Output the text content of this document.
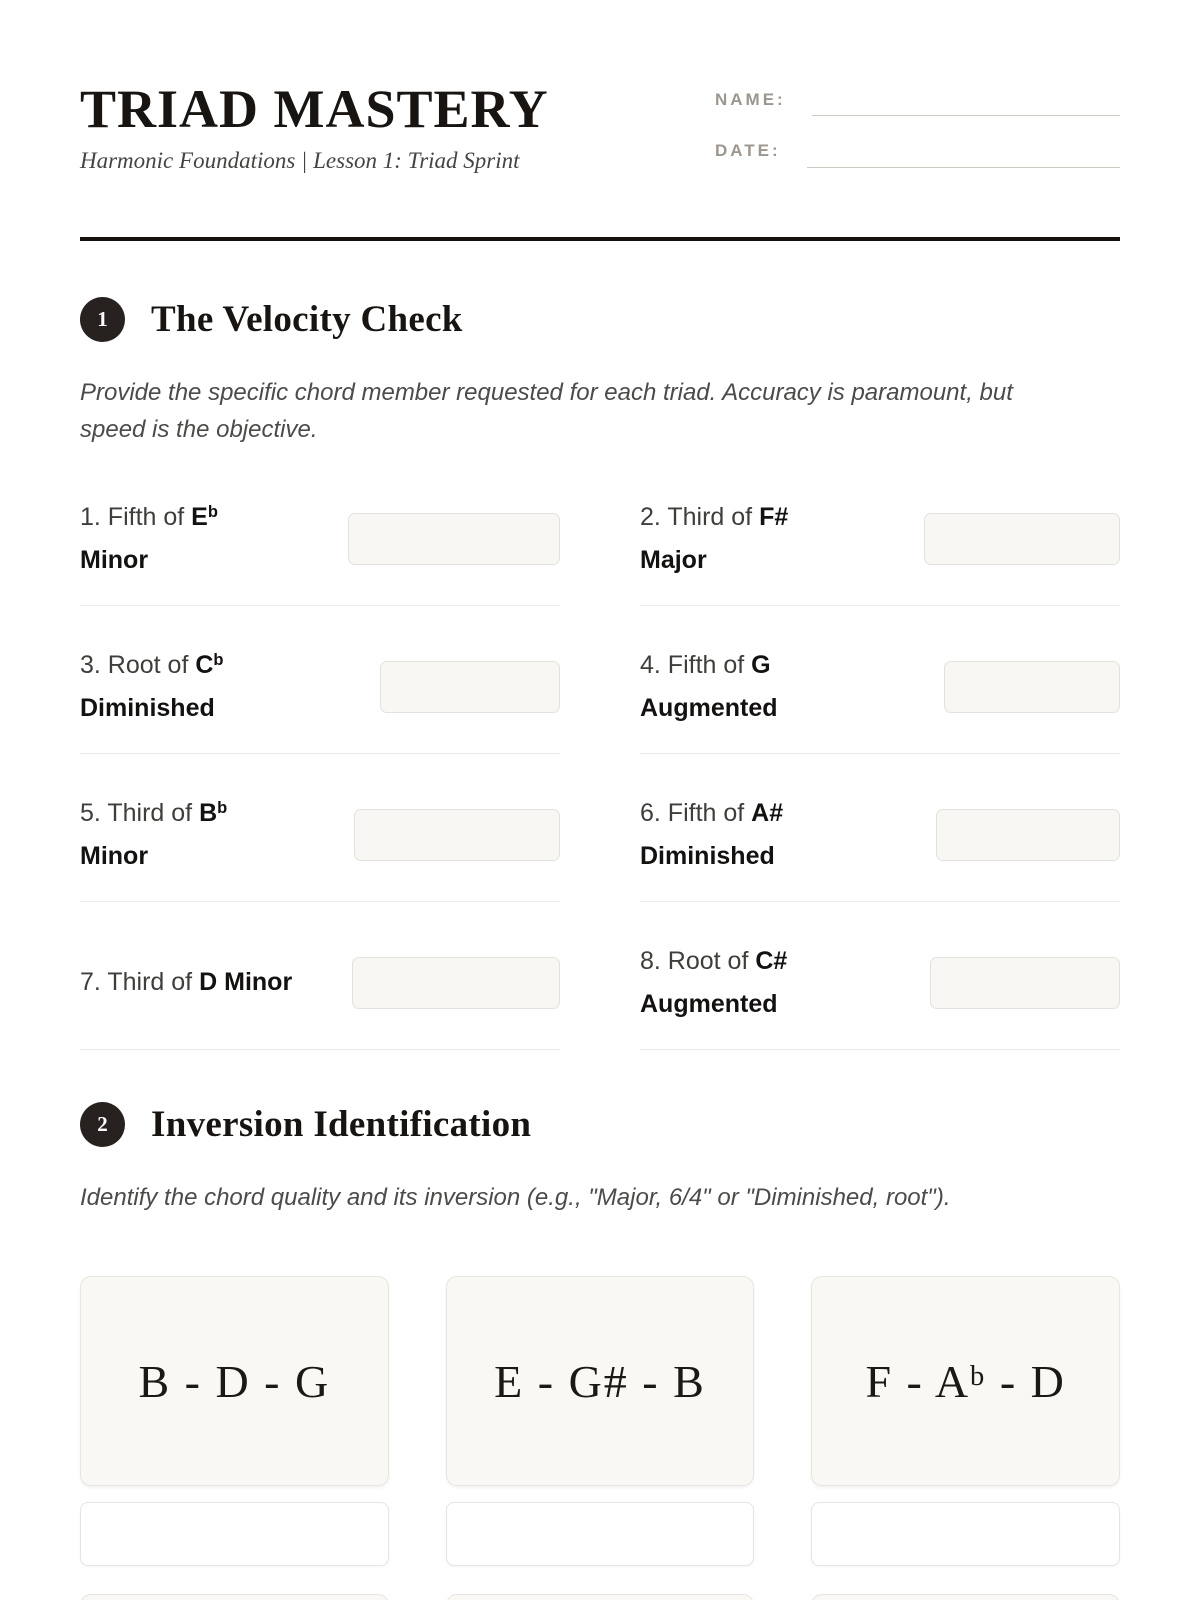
TRIAD MASTERY
Harmonic Foundations | Lesson 1: Triad Sprint
NAME:
DATE:
1	The Velocity Check

Provide the specific chord member requested for each triad. Accuracy is paramount, but speed is the objective.

1. Fifth of $E^b$
Minor
2. Third of F#
Major
3. Root of $C^b$
Diminished
4. Fifth of G
Augmented
5. Third of $B^b$
Minor
6. Fifth of A#
Diminished
7. Third of D Minor
8. Root of C#
Augmented
2	Inversion Identification

Identify the chord quality and its inversion (e.g., "Major, 6/4" or "Diminished, root").

B - D - G	E - G# - B	F - $A^b$ - D
